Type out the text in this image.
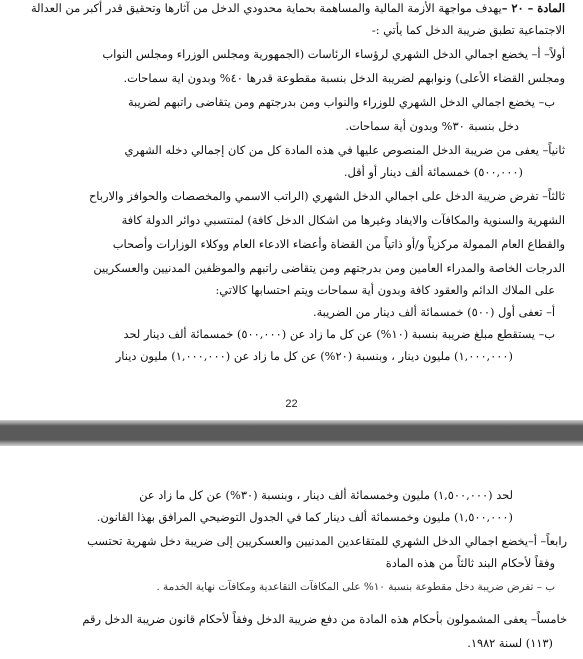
المادة – ٢٠ –يهدف مواجهة الأزمة المالية والمساهمة بحماية محدودي الدخل من آثارها وتحقيق قدر أكبر من العدالة
الاجتماعية تطبق ضريبة الدخل كما يأتي :-
أولاً– أ– يخضع اجمالي الدخل الشهري لرؤساء الرئاسات (الجمهورية ومجلس الوزراء ومجلس النواب
ومجلس القضاء الأعلى) ونوابهم لضريبة الدخل بنسبة مقطوعة قدرها ٤٠% وبدون اية سماحات.
ب– يخضع اجمالي الدخل الشهري للوزراء والنواب ومن بدرجتهم ومن يتقاضى راتبهم لضريبة
دخل بنسبة ٣٠% وبدون أية سماحات.
ثانياً– يعفى من ضريبة الدخل المنصوص عليها في هذه المادة كل من كان إجمالي دخله الشهري
(٥٠٠,٠٠٠) خمسمائة ألف دينار أو أقل.
ثالثاً– تفرض ضريبة الدخل على اجمالي الدخل الشهري (الراتب الاسمي والمخصصات والحوافز والارباح
الشهرية والسنوية والمكافآت والايفاد وغيرها من اشكال الدخل كافة) لمنتسبي دوائر الدولة كافة
والقطاع العام الممولة مركزياً و/أو ذاتياً من القضاة وأعضاء الادعاء العام ووكلاء الوزارات وأصحاب
الدرجات الخاصة والمدراء العامين ومن بدرجتهم ومن يتقاضى راتبهم والموظفين المدنيين والعسكريين
على الملاك الدائم والعقود كافة وبدون أية سماحات ويتم احتسابها كالاتي:
أ– تعفى أول (٥٠٠) خمسمائة ألف دينار من الضريبة.
ب– يستقطع مبلغ ضريبة بنسبة (١٠%) عن كل ما زاد عن (٥٠٠,٠٠٠) خمسمائة ألف دينار لحد
(١,٠٠٠,٠٠٠) مليون دينار ، وبنسبة (٢٠%) عن كل ما زاد عن (١,٠٠٠,٠٠٠) مليون دينار
22
لحد (١,٥٠٠,٠٠٠) مليون وخمسمائة ألف دينار ، وبنسبة (٣٠%) عن كل ما زاد عن
(١,٥٠٠,٠٠٠) مليون وخمسمائة ألف دينار كما في الجدول التوضيحي المرافق بهذا القانون.
رابعاً– أ–يخضع اجمالي الدخل الشهري للمتقاعدين المدنيين والعسكريين إلى ضريبة دخل شهرية تحتسب
وفقاً لأحكام البند ثالثاً من هذه المادة
ب – تفرض ضريبة دخل مقطوعة بنسبة ١٠% على المكافآت التقاعدية ومكافآت نهاية الخدمة .
خامساً– يعفى المشمولون بأحكام هذه المادة من دفع ضريبة الدخل وفقاً لأحكام قانون ضريبة الدخل رقم
(١١٣) لسنة ١٩٨٢.
